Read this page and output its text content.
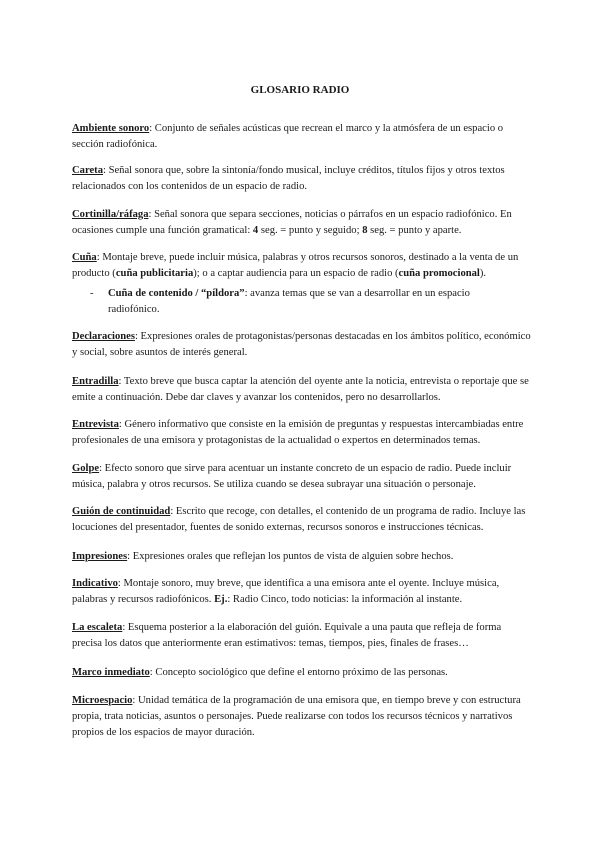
GLOSARIO RADIO

Ambiente sonoro: Conjunto de señales acústicas que recrean el marco y la atmósfera de un espacio o sección radiofónica.

Careta: Señal sonora que, sobre la sintonía/fondo musical, incluye créditos, títulos fijos y otros textos relacionados con los contenidos de un espacio de radio.

Cortinilla/ráfaga: Señal sonora que separa secciones, noticias o párrafos en un espacio radiofónico. En ocasiones cumple una función gramatical: 4 seg. = punto y seguido; 8 seg. = punto y aparte.

Cuña: Montaje breve, puede incluir música, palabras y otros recursos sonoros, destinado a la venta de un producto (cuña publicitaria); o a captar audiencia para un espacio de radio (cuña promocional).

- Cuña de contenido / “píldora”: avanza temas que se van a desarrollar en un espacio radiofónico.

Declaraciones: Expresiones orales de protagonistas/personas destacadas en los ámbitos político, económico y social, sobre asuntos de interés general.

Entradilla: Texto breve que busca captar la atención del oyente ante la noticia, entrevista o reportaje que se emite a continuación. Debe dar claves y avanzar los contenidos, pero no desarrollarlos.

Entrevista: Género informativo que consiste en la emisión de preguntas y respuestas intercambiadas entre profesionales de una emisora y protagonistas de la actualidad o expertos en determinados temas.

Golpe: Efecto sonoro que sirve para acentuar un instante concreto de un espacio de radio. Puede incluir música, palabra y otros recursos. Se utiliza cuando se desea subrayar una situación o personaje.

Guión de continuidad: Escrito que recoge, con detalles, el contenido de un programa de radio. Incluye las locuciones del presentador, fuentes de sonido externas, recursos sonoros e instrucciones técnicas.

Impresiones: Expresiones orales que reflejan los puntos de vista de alguien sobre hechos.

Indicativo: Montaje sonoro, muy breve, que identifica a una emisora ante el oyente. Incluye música, palabras y recursos radiofónicos. Ej.: Radio Cinco, todo noticias: la información al instante.

La escaleta: Esquema posterior a la elaboración del guión. Equivale a una pauta que refleja de forma precisa los datos que anteriormente eran estimativos: temas, tiempos, pies, finales de frases…

Marco inmediato: Concepto sociológico que define el entorno próximo de las personas.

Microespacio: Unidad temática de la programación de una emisora que, en tiempo breve y con estructura propia, trata noticias, asuntos o personajes. Puede realizarse con todos los recursos técnicos y narrativos propios de los espacios de mayor duración.
